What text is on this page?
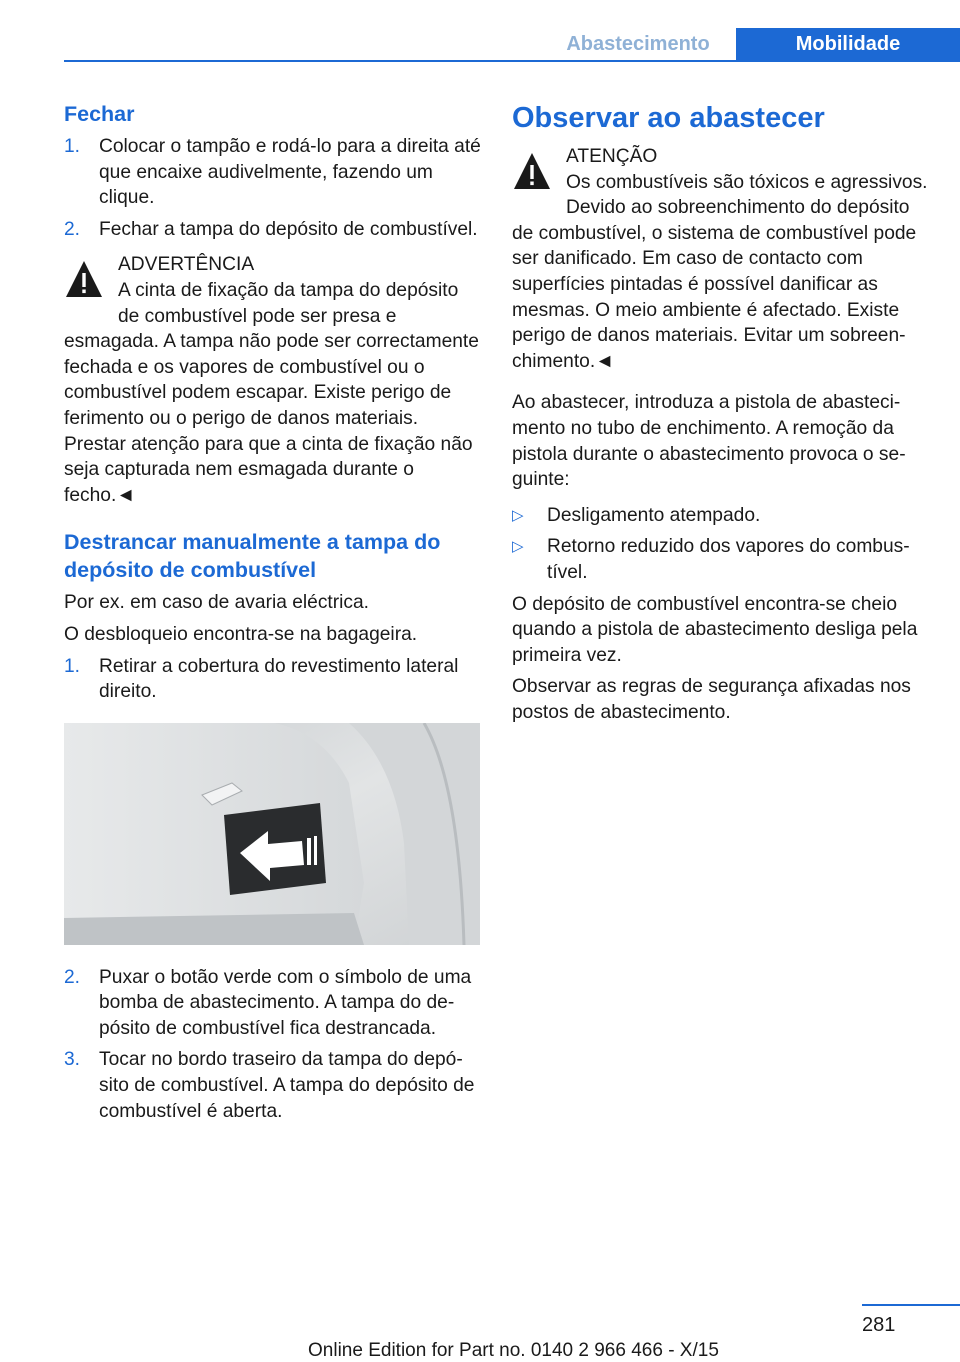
Abastecimento	Mobilidade
Fechar
1. Colocar o tampão e rodá-lo para a direita até que encaixe audivelmente, fazendo um clique.
2. Fechar a tampa do depósito de combustível.
ADVERTÊNCIA
A cinta de fixação da tampa do depósito de combustível pode ser presa e esmagada. A tampa não pode ser correctamente fechada e os vapores de combustível ou o combustível podem escapar. Existe perigo de ferimento ou o perigo de danos materiais. Prestar atenção para que a cinta de fixação não seja capturada nem esmagada durante o fecho.◄
Destrancar manualmente a tampa do depósito de combustível

Por ex. em caso de avaria eléctrica.

O desbloqueio encontra-se na bagageira.

1. Retirar a cobertura do revestimento lateral direito.
2. Puxar o botão verde com o símbolo de uma bomba de abastecimento. A tampa do depósito de combustível fica destrancada.
3. Tocar no bordo traseiro da tampa do depósito de combustível. A tampa do depósito de combustível é aberta.
Observar ao abastecer
ATENÇÃO
Os combustíveis são tóxicos e agressivos. Devido ao sobreenchimento do depósito de combustível, o sistema de combustível pode ser danificado. Em caso de contacto com superfícies pintadas é possível danificar as mesmas. O meio ambiente é afectado. Existe perigo de danos materiais. Evitar um sobreenchimento.◄

Ao abastecer, introduza a pistola de abastecimento no tubo de enchimento. A remoção da pistola durante o abastecimento provoca o seguinte:

▷ Desligamento atempado.
▷ Retorno reduzido dos vapores do combustível.

O depósito de combustível encontra-se cheio quando a pistola de abastecimento desliga pela primeira vez.

Observar as regras de segurança afixadas nos postos de abastecimento.

281
Online Edition for Part no. 0140 2 966 466 - X/15
